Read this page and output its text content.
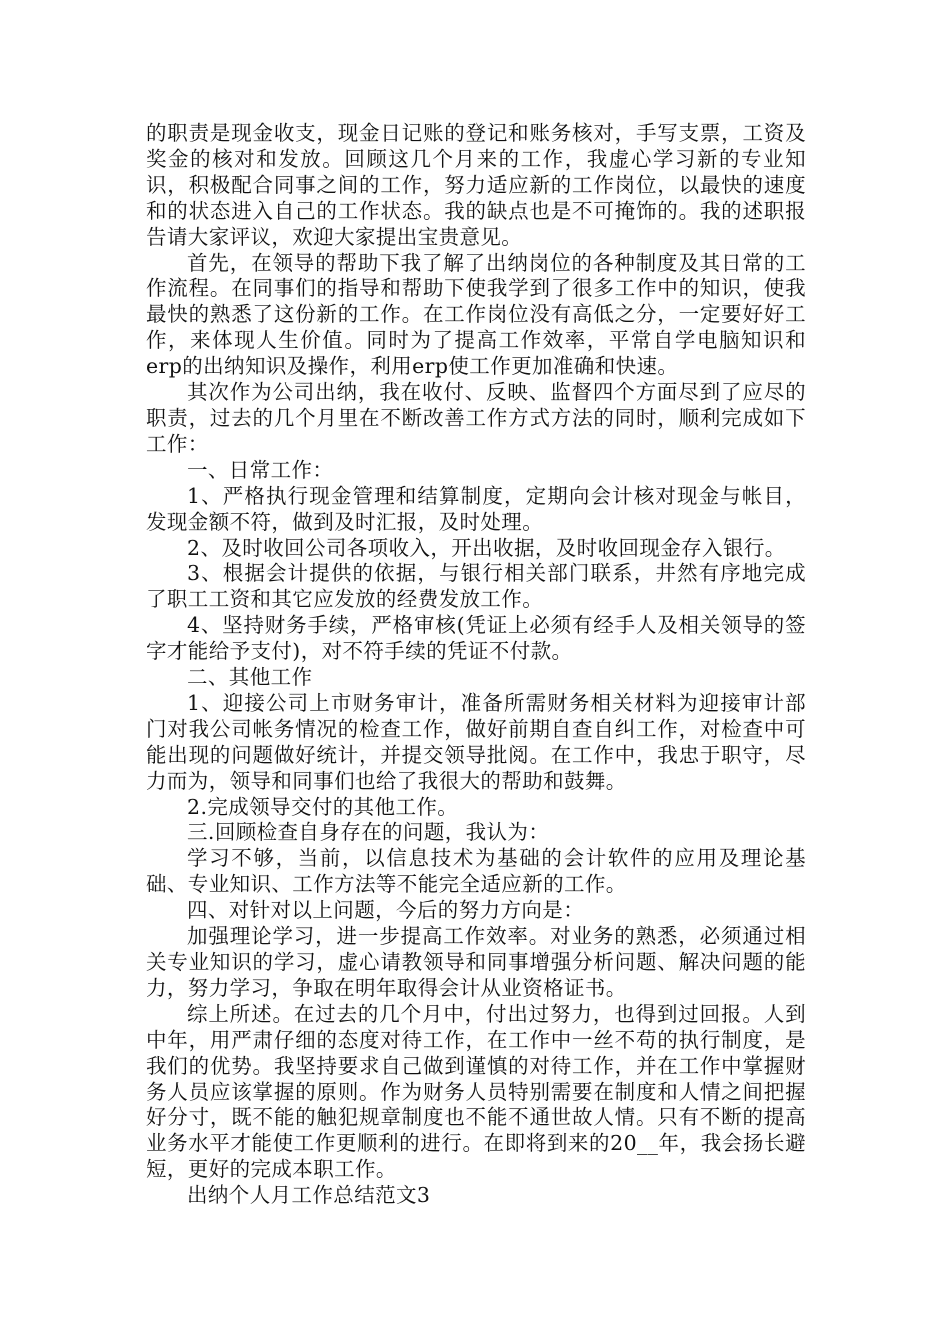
的职责是现金收支，现金日记账的登记和账务核对，手写支票，工资及奖金的核对和发放。回顾这几个月来的工作，我虚心学习新的专业知识，积极配合同事之间的工作，努力适应新的工作岗位，以最快的速度和的状态进入自己的工作状态。我的缺点也是不可掩饰的。我的述职报告请大家评议，欢迎大家提出宝贵意见。

首先，在领导的帮助下我了解了出纳岗位的各种制度及其日常的工作流程。在同事们的指导和帮助下使我学到了很多工作中的知识，使我最快的熟悉了这份新的工作。在工作岗位没有高低之分，一定要好好工作，来体现人生价值。同时为了提高工作效率，平常自学电脑知识和erp的出纳知识及操作，利用erp使工作更加准确和快速。

其次作为公司出纳，我在收付、反映、监督四个方面尽到了应尽的职责，过去的几个月里在不断改善工作方式方法的同时，顺利完成如下工作：

一、日常工作：

1、严格执行现金管理和结算制度，定期向会计核对现金与帐目，发现金额不符，做到及时汇报，及时处理。

2、及时收回公司各项收入，开出收据，及时收回现金存入银行。

3、根据会计提供的依据，与银行相关部门联系，井然有序地完成了职工工资和其它应发放的经费发放工作。

4、坚持财务手续，严格审核(凭证上必须有经手人及相关领导的签字才能给予支付)，对不符手续的凭证不付款。

二、其他工作

1、迎接公司上市财务审计，准备所需财务相关材料为迎接审计部门对我公司帐务情况的检查工作，做好前期自查自纠工作，对检查中可能出现的问题做好统计，并提交领导批阅。在工作中，我忠于职守，尽力而为，领导和同事们也给了我很大的帮助和鼓舞。

2.完成领导交付的其他工作。

三.回顾检查自身存在的问题，我认为：

学习不够，当前，以信息技术为基础的会计软件的应用及理论基础、专业知识、工作方法等不能完全适应新的工作。

四、对针对以上问题，今后的努力方向是：

加强理论学习，进一步提高工作效率。对业务的熟悉，必须通过相关专业知识的学习，虚心请教领导和同事增强分析问题、解决问题的能力，努力学习，争取在明年取得会计从业资格证书。

综上所述。在过去的几个月中，付出过努力，也得到过回报。人到中年，用严肃仔细的态度对待工作，在工作中一丝不苟的执行制度，是我们的优势。我坚持要求自己做到谨慎的对待工作，并在工作中掌握财务人员应该掌握的原则。作为财务人员特别需要在制度和人情之间把握好分寸，既不能的触犯规章制度也不能不通世故人情。只有不断的提高业务水平才能使工作更顺利的进行。在即将到来的20__年，我会扬长避短，更好的完成本职工作。

出纳个人月工作总结范文3
